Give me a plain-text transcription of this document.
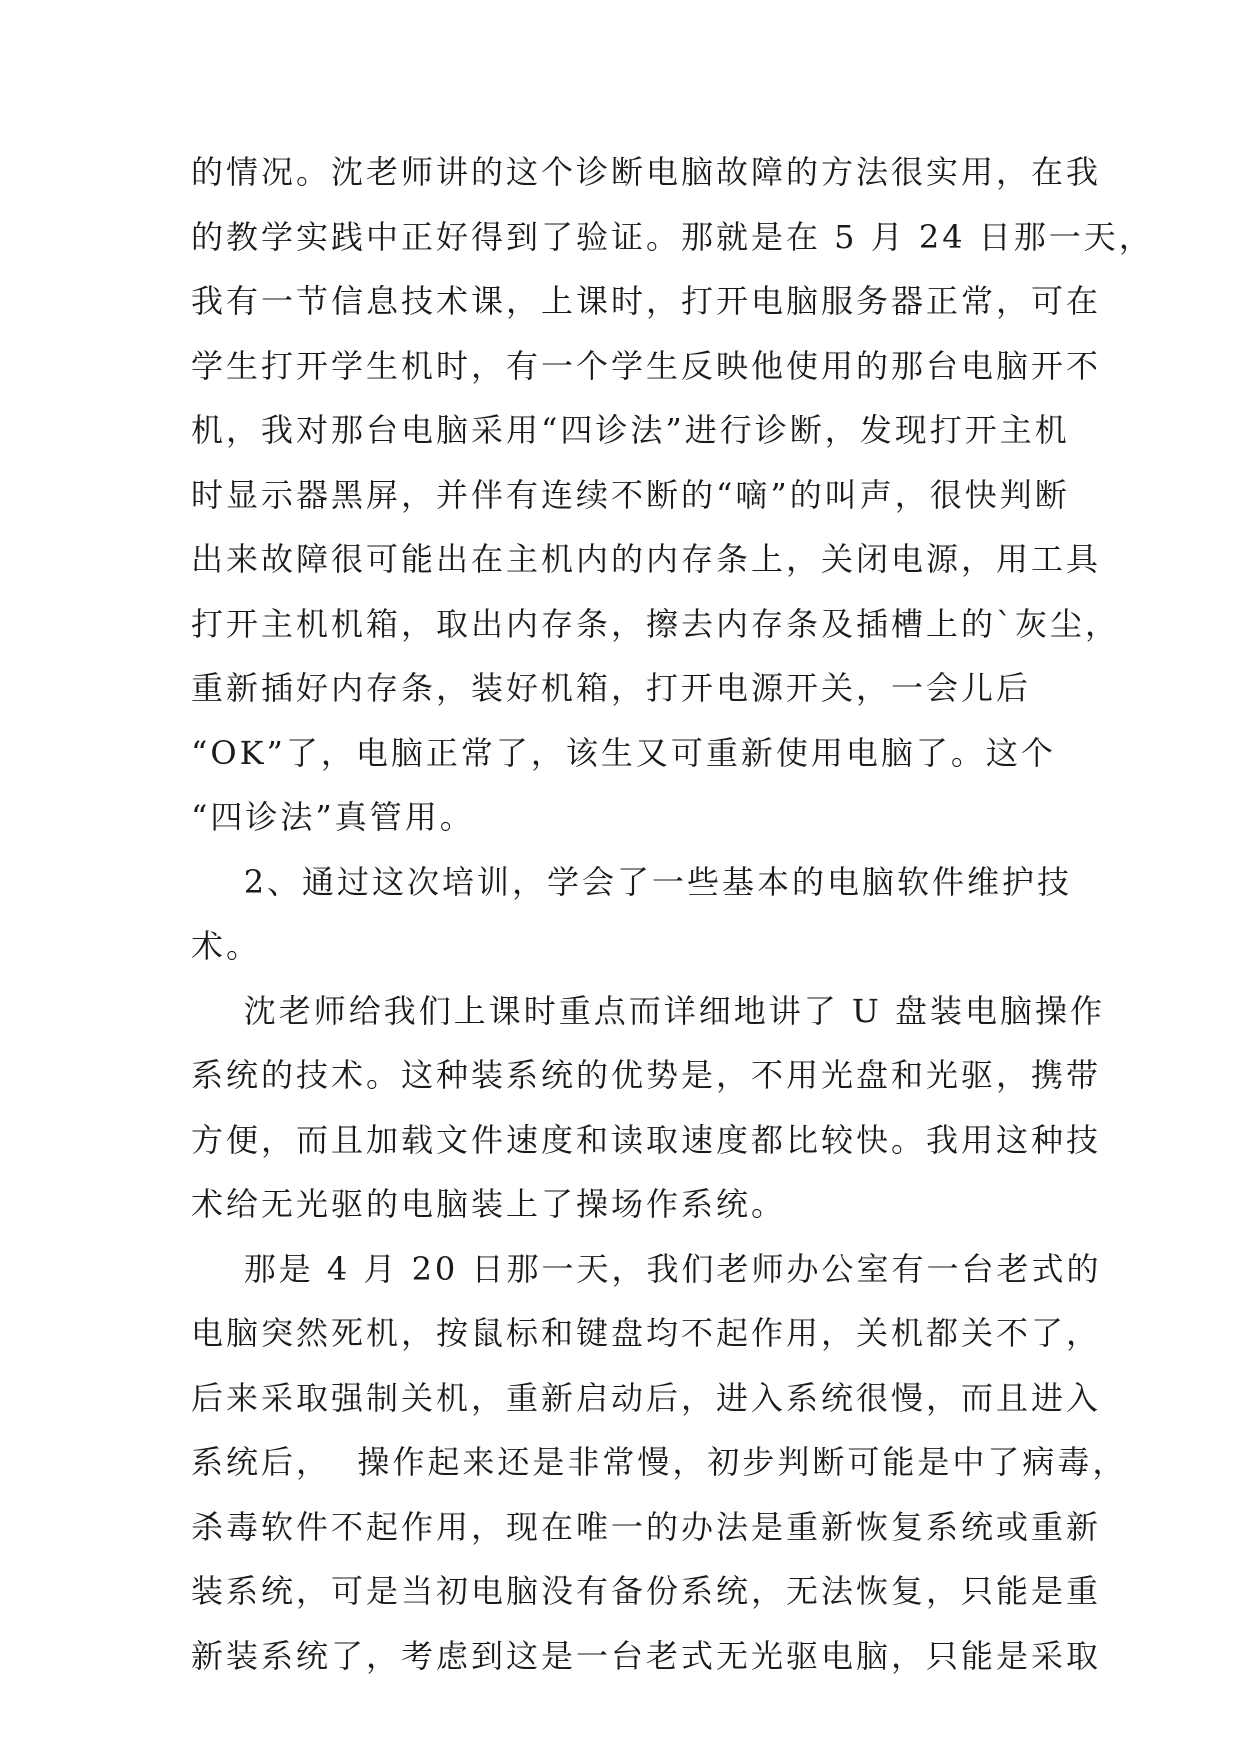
的情况。沈老师讲的这个诊断电脑故障的方法很实用，在我
的教学实践中正好得到了验证。那就是在 5 月 24 日那一天，
我有一节信息技术课，上课时，打开电脑服务器正常，可在
学生打开学生机时，有一个学生反映他使用的那台电脑开不
机，我对那台电脑采用“四诊法”进行诊断，发现打开主机
时显示器黑屏，并伴有连续不断的“嘀”的叫声，很快判断
出来故障很可能出在主机内的内存条上，关闭电源，用工具
打开主机机箱，取出内存条，擦去内存条及插槽上的`灰尘，
重新插好内存条，装好机箱，打开电源开关，一会儿后
“OK”了，电脑正常了，该生又可重新使用电脑了。这个
“四诊法”真管用。
2、通过这次培训，学会了一些基本的电脑软件维护技
术。
沈老师给我们上课时重点而详细地讲了 U 盘装电脑操作
系统的技术。这种装系统的优势是，不用光盘和光驱，携带
方便，而且加载文件速度和读取速度都比较快。我用这种技
术给无光驱的电脑装上了操场作系统。
那是 4 月 20 日那一天，我们老师办公室有一台老式的
电脑突然死机，按鼠标和键盘均不起作用，关机都关不了，
后来采取强制关机，重新启动后，进入系统很慢，而且进入
系统后，  操作起来还是非常慢，初步判断可能是中了病毒，
杀毒软件不起作用，现在唯一的办法是重新恢复系统或重新
装系统，可是当初电脑没有备份系统，无法恢复，只能是重
新装系统了，考虑到这是一台老式无光驱电脑，只能是采取
